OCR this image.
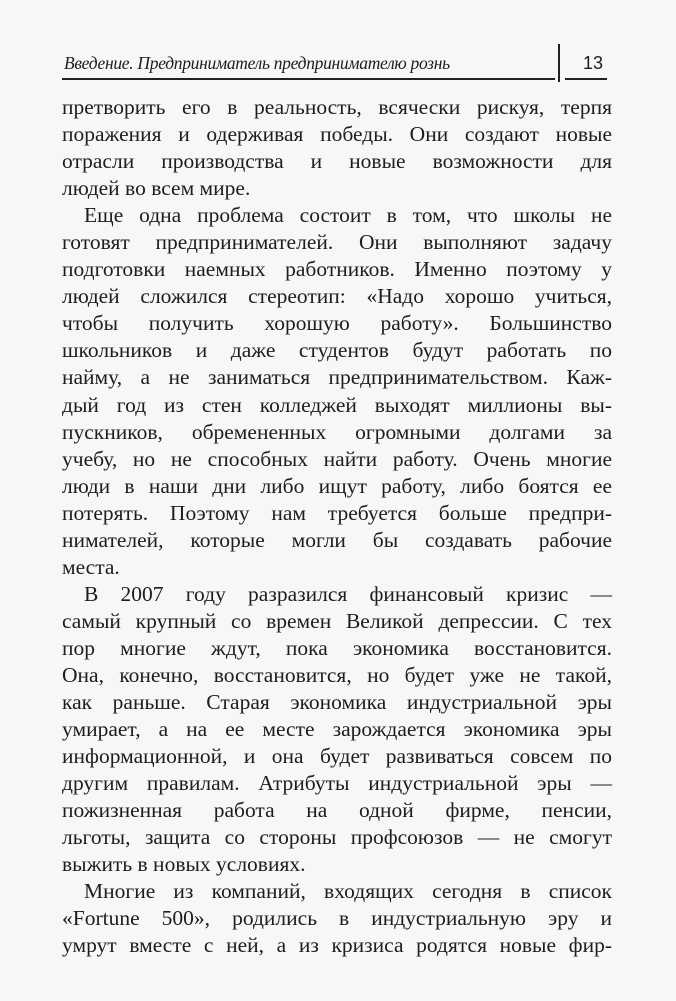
Введение. Предприниматель предпринимателю рознь	13
претворить его в реальность, всячески рискуя, терпя
поражения и одерживая победы. Они создают новые
отрасли производства и новые возможности для
людей во всем мире.
Еще одна проблема состоит в том, что школы не
готовят предпринимателей. Они выполняют задачу
подготовки наемных работников. Именно поэтому у
людей сложился стереотип: «Надо хорошо учиться,
чтобы получить хорошую работу». Большинство
школьников и даже студентов будут работать по
найму, а не заниматься предпринимательством. Каж-
дый год из стен колледжей выходят миллионы вы-
пускников, обремененных огромными долгами за
учебу, но не способных найти работу. Очень многие
люди в наши дни либо ищут работу, либо боятся ее
потерять. Поэтому нам требуется больше предпри-
нимателей, которые могли бы создавать рабочие
места.
В 2007 году разразился финансовый кризис —
самый крупный со времен Великой депрессии. С тех
пор многие ждут, пока экономика восстановится.
Она, конечно, восстановится, но будет уже не такой,
как раньше. Старая экономика индустриальной эры
умирает, а на ее месте зарождается экономика эры
информационной, и она будет развиваться совсем по
другим правилам. Атрибуты индустриальной эры —
пожизненная работа на одной фирме, пенсии,
льготы, защита со стороны профсоюзов — не смогут
выжить в новых условиях.
Многие из компаний, входящих сегодня в список
«Fortune 500», родились в индустриальную эру и
умрут вместе с ней, а из кризиса родятся новые фир-
